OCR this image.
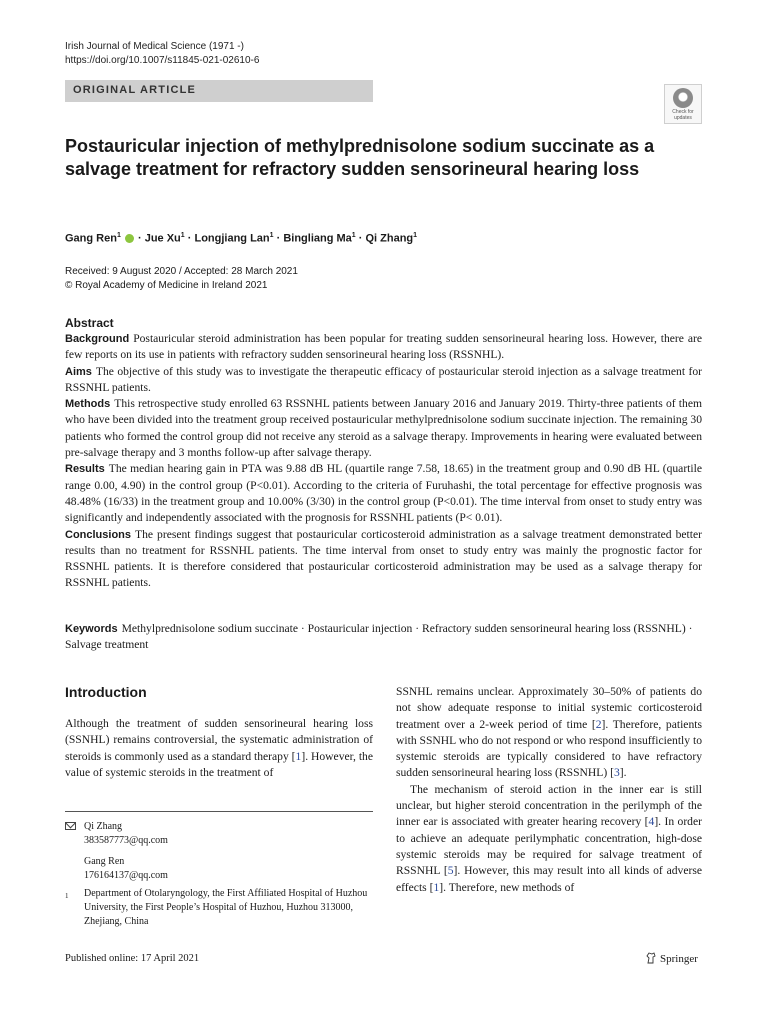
Irish Journal of Medical Science (1971 -)
https://doi.org/10.1007/s11845-021-02610-6
ORIGINAL ARTICLE
Check for
updates
Postauricular injection of methylprednisolone sodium succinate as a salvage treatment for refractory sudden sensorineural hearing loss
Gang Ren$^1$  · Jue $Xu^1$ · Longjiang Lan$^1$ · Bingliang $Ma^1 \cdot Qi$ Zhang$^1$
Received: 9 August 2020 / Accepted: 28 March 2021
© Royal Academy of Medicine in Ireland 2021
Abstract

Background Postauricular steroid administration has been popular for treating sudden sensorineural hearing loss. However, there are few reports on its use in patients with refractory sudden sensorineural hearing loss (RSSNHL).

Aims The objective of this study was to investigate the therapeutic efficacy of postauricular steroid injection as a salvage treatment for RSSNHL patients.

Methods This retrospective study enrolled 63 RSSNHL patients between January 2016 and January 2019. Thirty-three patients of them who have been divided into the treatment group received postauricular methylprednisolone sodium succinate injection. The remaining 30 patients who formed the control group did not receive any steroid as a salvage therapy. Improvements in hearing were evaluated between pre-salvage therapy and 3 months follow-up after salvage therapy.

Results The median hearing gain in PTA was 9.88 dB HL (quartile range 7.58, 18.65) in the treatment group and 0.90 dB HL (quartile range 0.00, 4.90) in the control group (P<0.01). According to the criteria of Furuhashi, the total percentage for effective prognosis was 48.48% (16/33) in the treatment group and 10.00% (3/30) in the control group (P<0.01). The time interval from onset to study entry was significantly and independently associated with the prognosis for RSSNHL patients (P< 0.01).

Conclusions The present findings suggest that postauricular corticosteroid administration as a salvage treatment demonstrated better results than no treatment for RSSNHL patients. The time interval from onset to study entry was mainly the prognostic factor for RSSNHL patients. It is therefore considered that postauricular corticosteroid administration may be used as a salvage therapy for RSSNHL patients.

Keywords Methylprednisolone sodium succinate · Postauricular injection · Refractory sudden sensorineural hearing loss (RSSNHL) · Salvage treatment
Introduction

Although the treatment of sudden sensorineural hearing loss (SSNHL) remains controversial, the systematic administration of steroids is commonly used as a standard therapy [1]. However, the value of systemic steroids in the treatment of

SSNHL remains unclear. Approximately 30–50% of patients do not show adequate response to initial systemic corticosteroid treatment over a 2-week period of time [2]. Therefore, patients with SSNHL who do not respond or who respond insufficiently to systemic steroids are typically considered to have refractory sudden sensorineural hearing loss (RSSNHL) [3].

The mechanism of steroid action in the inner ear is still unclear, but higher steroid concentration in the perilymph of the inner ear is associated with greater hearing recovery [4]. In order to achieve an adequate perilymphatic concentration, high-dose systemic steroids may be required for salvage treatment of RSSNHL [5]. However, this may result into all kinds of adverse effects [1]. Therefore, new methods of

Qi Zhang
383587773@qq.com
Gang Ren
176164137@qq.com
1 Department of Otolaryngology, the First Affiliated Hospital of Huzhou University, the First People’s Hospital of Huzhou, Huzhou 313000, Zhejiang, China
Published online: 17 April 2021	Springer
